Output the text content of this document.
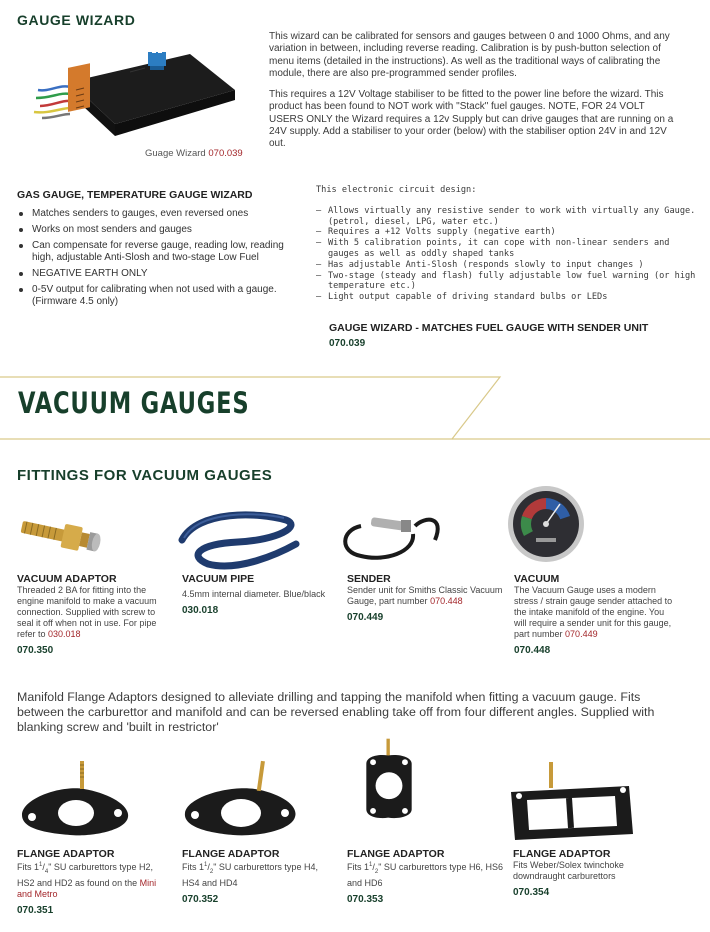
GAUGE WIZARD
Guage Wizard 070.039

This wizard can be calibrated for sensors and gauges between 0 and 1000 Ohms, and any variation in between, including reverse reading. Calibration is by push-button selection of menu items (detailed in the instructions). As well as the traditional ways of calibrating the module, there are also pre-programmed sender profiles.

This requires a 12V Voltage stabiliser to be fitted to the power line before the wizard. This product has been found to NOT work with "Stack" fuel gauges. NOTE, FOR 24 VOLT USERS ONLY the Wizard requires a 12v Supply but can drive gauges that are running on a 24V supply. Add a stabiliser to your order (below) with the stabiliser option 24V in and 12V out.

GAS GAUGE, TEMPERATURE GAUGE WIZARD
Matches senders to gauges, even reversed ones
Works on most senders and gauges
Can compensate for reverse gauge, reading low, reading high, adjustable Anti-Slosh and two-stage Low Fuel
NEGATIVE EARTH ONLY
0-5V output for calibrating when not used with a gauge. (Firmware 4.5 only)
This electronic circuit design:
– Allows virtually any resistive sender to work with virtually any Gauge. (petrol, diesel, LPG, water etc.)
– Requires a +12 Volts supply (negative earth)
– With 5 calibration points, it can cope with non-linear senders and gauges as well as oddly shaped tanks
– Has adjustable Anti-Slosh (responds slowly to input changes )
– Two-stage (steady and flash) fully adjustable low fuel warning (or high temperature etc.)
– Light output capable of driving standard bulbs or LEDs
GAUGE WIZARD - MATCHES FUEL GAUGE WITH SENDER UNIT
070.039
VACUUM GAUGES
FITTINGS FOR VACUUM GAUGES
VACUUM ADAPTOR
Threaded 2 BA for fitting into the engine manifold to make a vacuum connection. Supplied with screw to seal it off when not in use. For pipe refer to 030.018
070.350
VACUUM PIPE
4.5mm internal diameter. Blue/black
030.018
SENDER
Sender unit for Smiths Classic Vacuum Gauge, part number 070.448
070.449
VACUUM
The Vacuum Gauge uses a modern stress / strain gauge sender attached to the intake manifold of the engine. You will require a sender unit for this gauge, part number 070.449
070.448
Manifold Flange Adaptors designed to alleviate drilling and tapping the manifold when fitting a vacuum gauge. Fits between the carburettor and manifold and can be reversed enabling take off from four different angles. Supplied with blanking screw and 'built in restrictor'
FLANGE ADAPTOR
Fits $1^1/_4$" SU carburettors type H2, HS2 and HD2 as found on the Mini and Metro
070.351
FLANGE ADAPTOR
Fits $1^1/_2$" SU carburettors type H4, HS4 and HD4
070.352
FLANGE ADAPTOR
Fits $1^1/_2$" SU carburettors type H6, HS6 and HD6
070.353
FLANGE ADAPTOR
Fits Weber/Solex twinchoke downdraught carburettors
070.354
